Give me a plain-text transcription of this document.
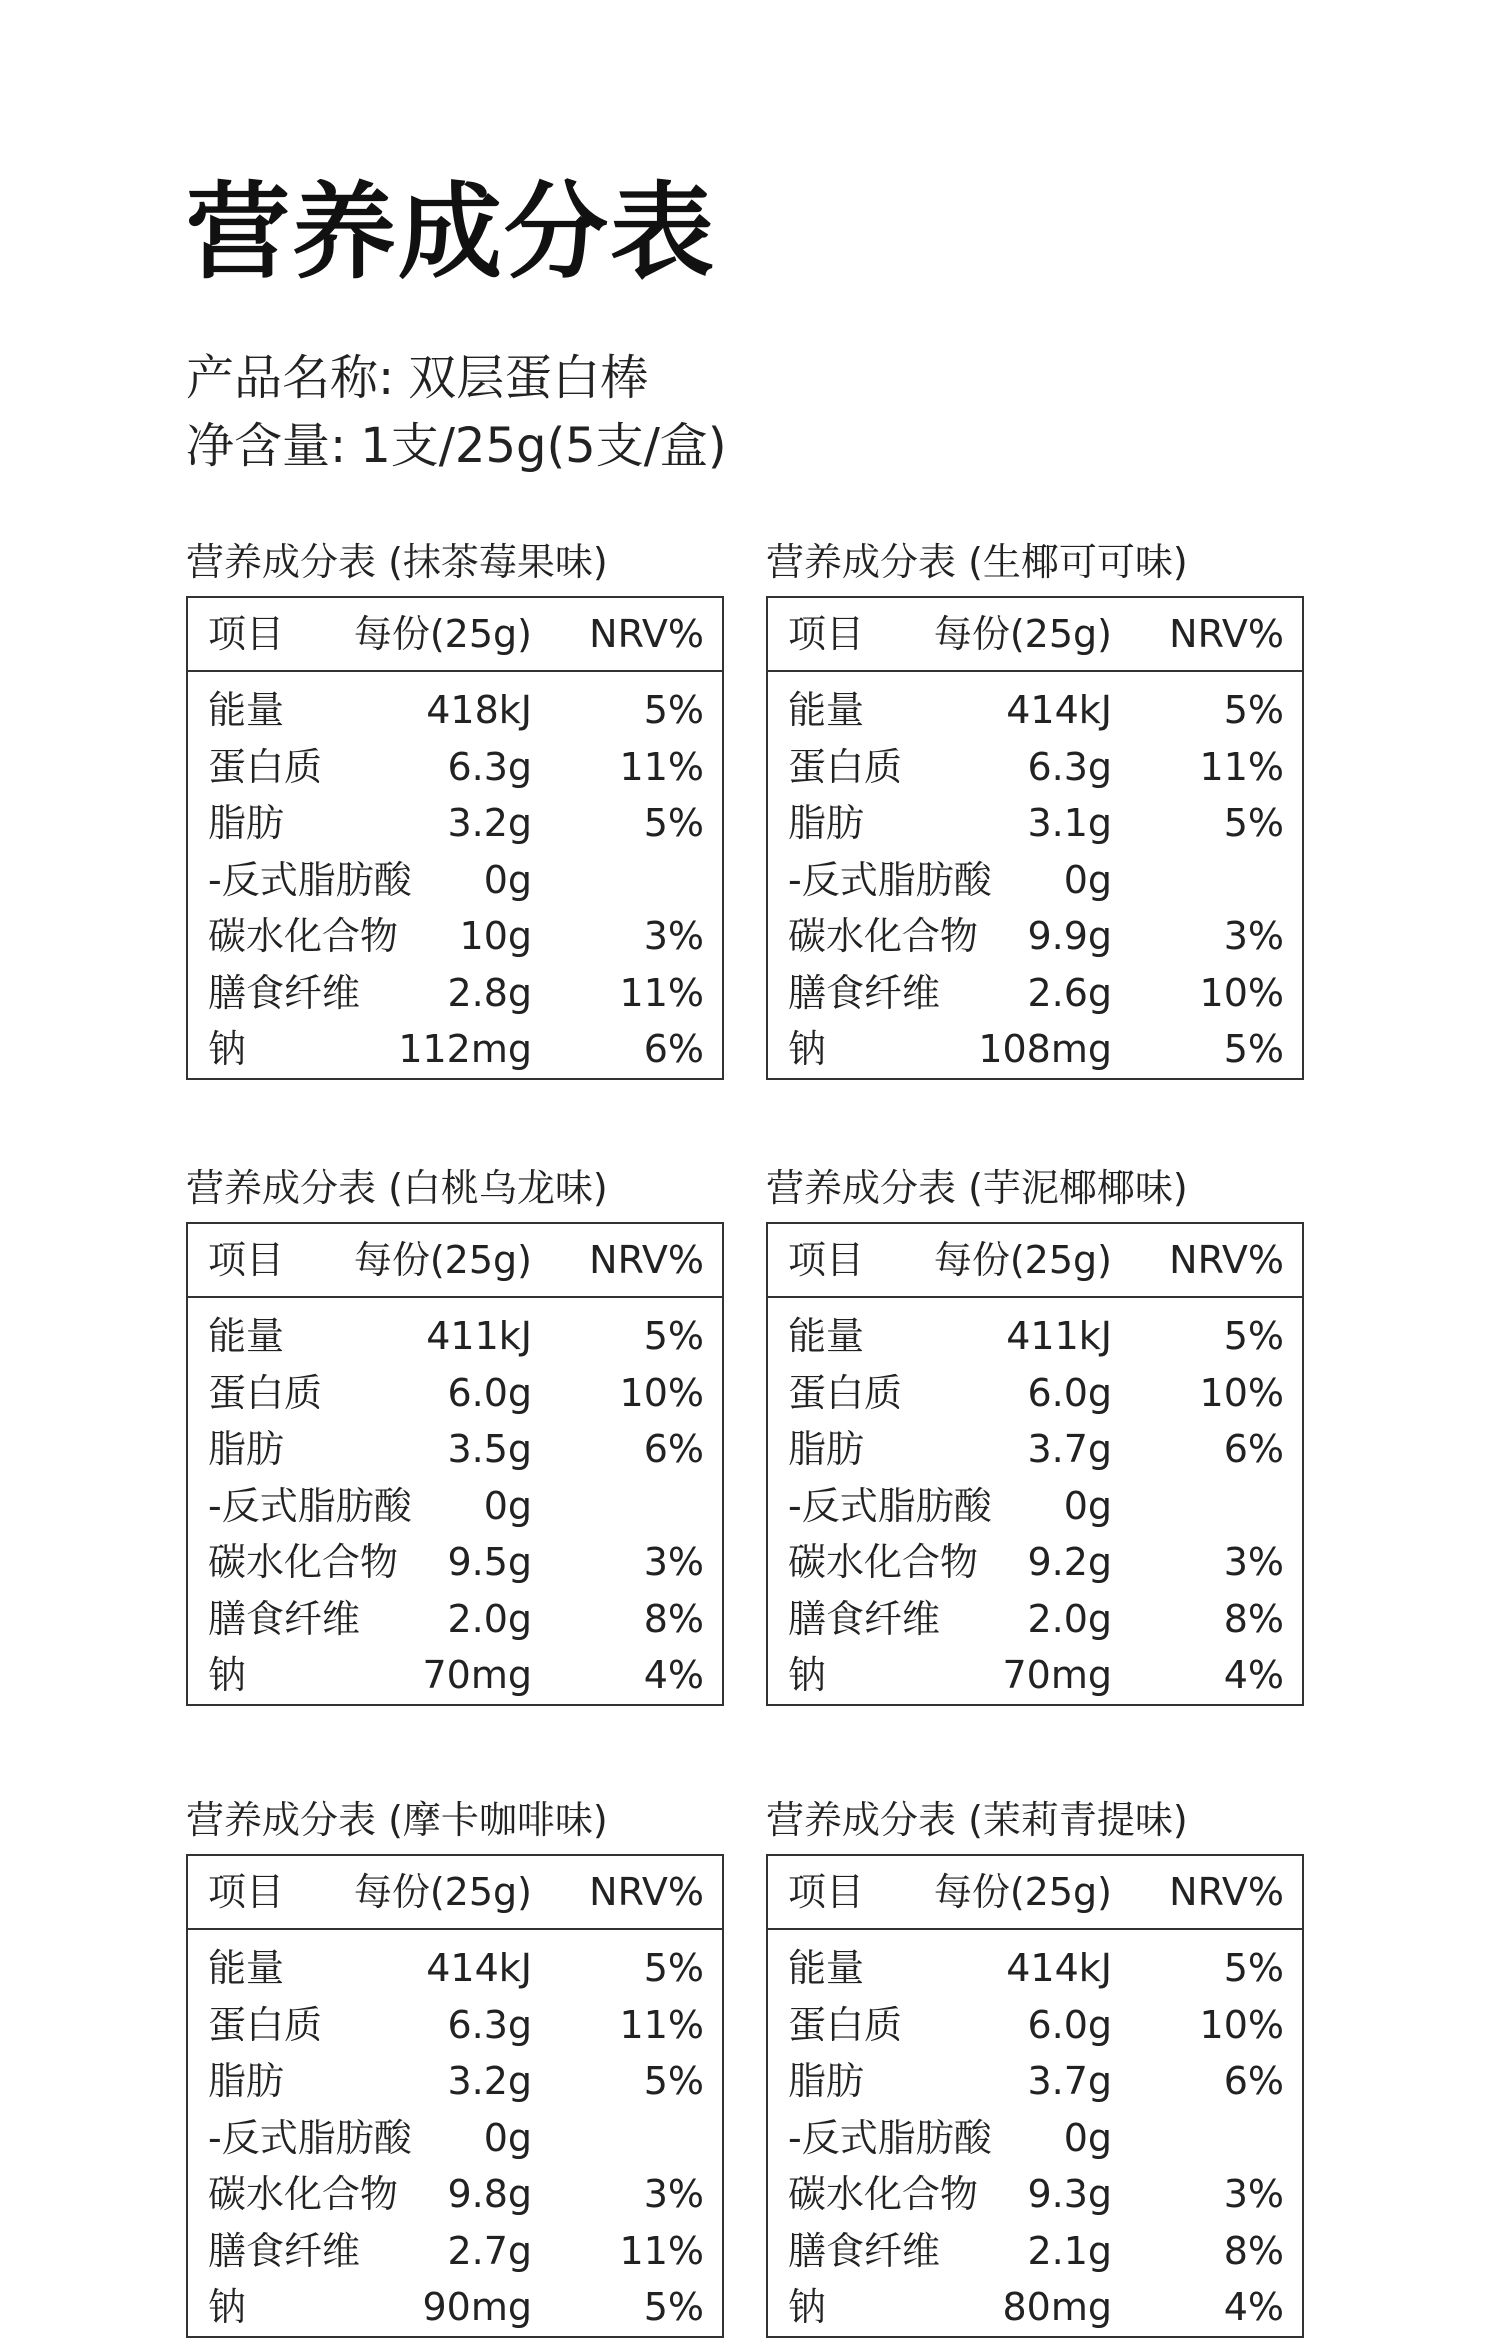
营养成分表
产品名称: 双层蛋白棒
净含量: 1支/25g(5支/盒)
营养成分表 (抹茶莓果味)
项目 每份(25g) NRV%
能量	418kJ	5%
蛋白质	6.3g 11%
脂肪	3.2g	5%
-反式脂肪酸 0g
碳水化合物 10g	3%
膳食纤维 2.8g 11%
钠	112mg	6%
营养成分表 (生椰可可味)
项目 每份(25g) NRV%
能量	414kJ	5%
蛋白质	6.3g 11%
脂肪	3.1g	5%
-反式脂肪酸 0g
碳水化合物 9.9g	3%
膳食纤维 2.6g 10%
钠	108mg	5%
营养成分表 (白桃乌龙味)
项目 每份(25g) NRV%
能量	411kJ	5%
蛋白质	6.0g 10%
脂肪	3.5g	6%
-反式脂肪酸 0g
碳水化合物 9.5g	3%
膳食纤维 2.0g	8%
钠	70mg	4%
营养成分表 (芋泥椰椰味)
项目 每份(25g) NRV%
能量	411kJ	5%
蛋白质	6.0g 10%
脂肪	3.7g	6%
-反式脂肪酸 0g
碳水化合物 9.2g	3%
膳食纤维 2.0g	8%
钠	70mg	4%
营养成分表 (摩卡咖啡味)
项目 每份(25g) NRV%
能量	414kJ	5%
蛋白质	6.3g 11%
脂肪	3.2g	5%
-反式脂肪酸 0g
碳水化合物 9.8g	3%
膳食纤维 2.7g 11%
钠	90mg	5%
营养成分表 (茉莉青提味)
项目 每份(25g) NRV%
能量	414kJ	5%
蛋白质	6.0g 10%
脂肪	3.7g	6%
-反式脂肪酸 0g
碳水化合物 9.3g	3%
膳食纤维 2.1g	8%
钠	80mg	4%
